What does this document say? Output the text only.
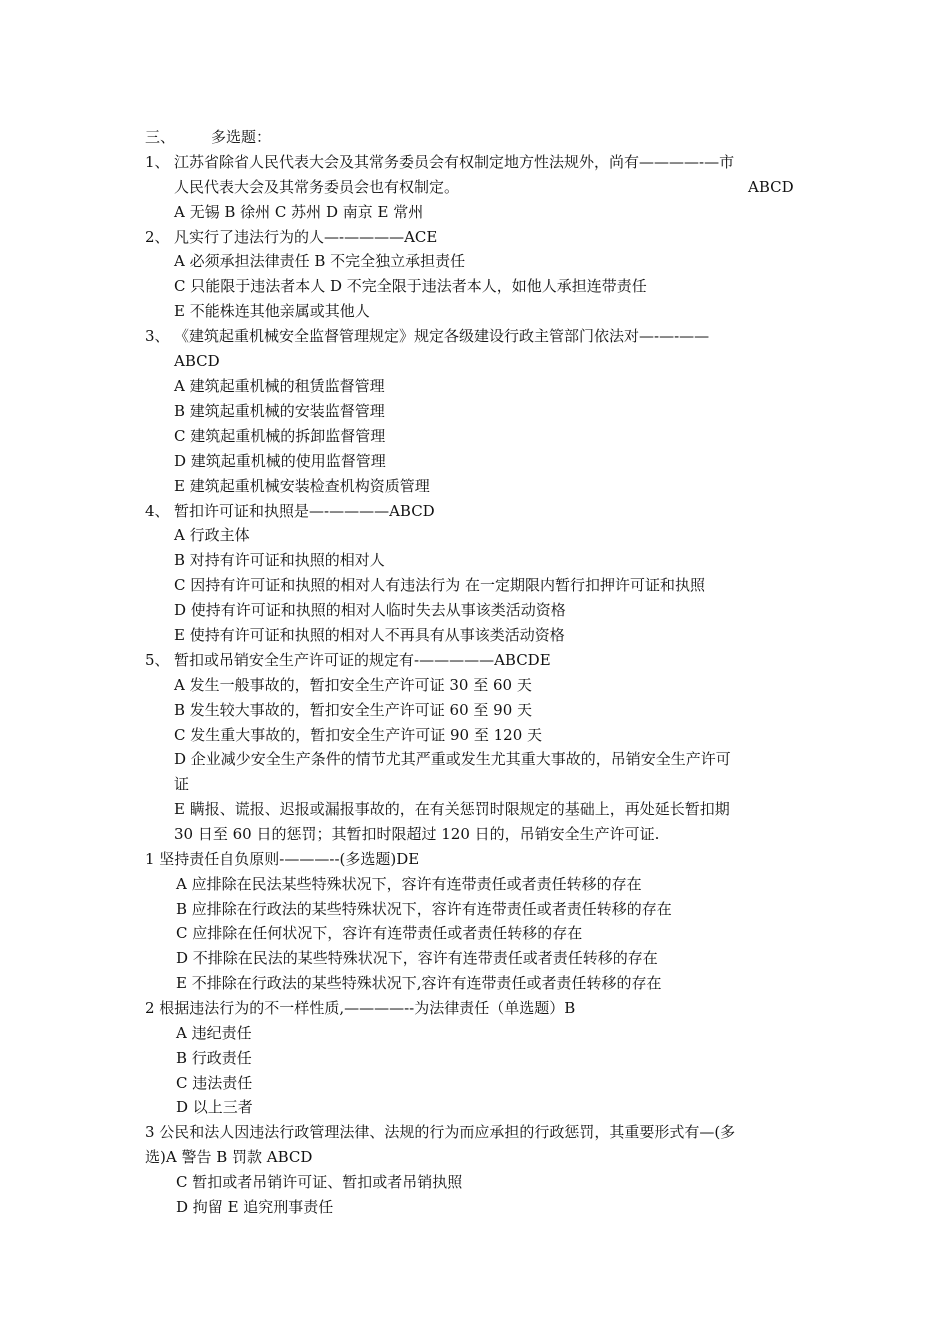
三、 多选题：
1、 江苏省除省人民代表大会及其常务委员会有权制定地方性法规外，尚有————-—市
人民代表大会及其常务委员会也有权制定。	ABCD
A 无锡 B 徐州 C 苏州 D 南京 E 常州
2、 凡实行了违法行为的人—-————ACE
A 必须承担法律责任 B 不完全独立承担责任
C 只能限于违法者本人 D 不完全限于违法者本人，如他人承担连带责任
E 不能株连其他亲属或其他人
3、 《建筑起重机械安全监督管理规定》规定各级建设行政主管部门依法对—-—-——
ABCD
A 建筑起重机械的租赁监督管理
B 建筑起重机械的安装监督管理
C 建筑起重机械的拆卸监督管理
D 建筑起重机械的使用监督管理
E 建筑起重机械安装检查机构资质管理
4、 暂扣许可证和执照是—-————ABCD
A 行政主体
B 对持有许可证和执照的相对人
C 因持有许可证和执照的相对人有违法行为 在一定期限内暂行扣押许可证和执照
D 使持有许可证和执照的相对人临时失去从事该类活动资格
E 使持有许可证和执照的相对人不再具有从事该类活动资格
5、 暂扣或吊销安全生产许可证的规定有-—————ABCDE
A 发生一般事故的，暂扣安全生产许可证 30 至 60 天
B 发生较大事故的，暂扣安全生产许可证 60 至 90 天
C 发生重大事故的，暂扣安全生产许可证 90 至 120 天
D 企业减少安全生产条件的情节尤其严重或发生尤其重大事故的，吊销安全生产许可
证
E 瞒报、谎报、迟报或漏报事故的，在有关惩罚时限规定的基础上，再处延长暂扣期
30 日至 60 日的惩罚；其暂扣时限超过 120 日的，吊销安全生产许可证.
1 坚持责任自负原则-———--(多选题)DE
A 应排除在民法某些特殊状况下，容许有连带责任或者责任转移的存在
B 应排除在行政法的某些特殊状况下，容许有连带责任或者责任转移的存在
C 应排除在任何状况下，容许有连带责任或者责任转移的存在
D 不排除在民法的某些特殊状况下，容许有连带责任或者责任转移的存在
E 不排除在行政法的某些特殊状况下,容许有连带责任或者责任转移的存在
2 根据违法行为的不一样性质,————--为法律责任（单选题）B
A 违纪责任
B 行政责任
C 违法责任
D 以上三者
3 公民和法人因违法行政管理法律、法规的行为而应承担的行政惩罚，其重要形式有—(多
选)A 警告 B 罚款 ABCD
C 暂扣或者吊销许可证、暂扣或者吊销执照
D 拘留 E 追究刑事责任
